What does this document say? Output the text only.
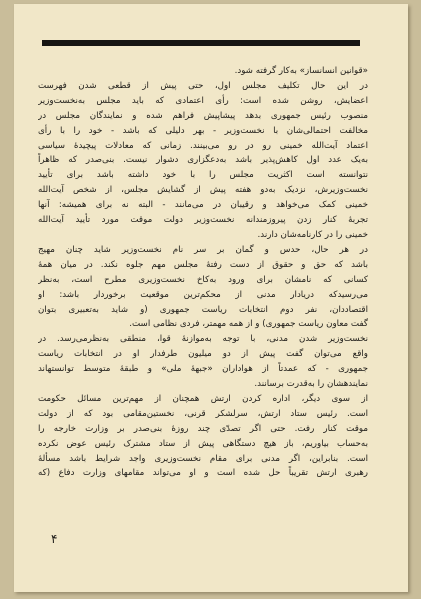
«قوانین انسانساز» به‌کار گرفته شود.

در این حال تکلیف مجلس اول، حتی پیش از قطعی شدن فهرست
اعضایش، روشن شده است: رأی اعتمادی که باید مجلس به‌نخست‌وزیر
منصوب رئیس جمهوری بدهد پیشاپیش فراهم شده و نمایندگان مجلس در
مخالفت احتمالی‌شان با نخست‌وزیر - بهر دلیلی که باشد - خود را با رأی
اعتماد آیت‌الله خمینی رو در رو می‌بینند. زمانی که معادلات پیچیدهٔ سیاسی
به‌یک عدد اول کاهش‌پذیر باشد به‌دعگزاری دشوار نیست. بنی‌صدر که ظاهراً
نتوانسته است اکثریت مجلس را با خود داشته باشد برای تأیید
نخست‌وزیرش، نزدیک به‌دو هفته پیش از گشایش مجلس، از شخص آیت‌الله
خمینی کمک می‌خواهد و رقیبان در می‌مانند - البته نه برای همیشه: آنها
تجربهٔ کنار زدن پیروزمندانه نخست‌وزیر دولت موقت مورد تأیید آیت‌الله
خمینی را در کارنامه‌شان دارند.

در هر حال، حدس و گمان بر سر نام نخست‌وزیر شاید چنان مهیج
باشد که حق و حقوق از دست رفتهٔ مجلس مهم جلوه نکند. در میان همهٔ
کسانی که نامشان برای ورود به‌کاخ نخست‌وزیری مطرح است، به‌نظر
می‌رسیدکه دریادار مدنی از محکم‌ترین موقعیت برخوردار باشد: او
اقتصاددان، نفر دوم انتخابات ریاست جمهوری (و شاید به‌تعبیری بتوان
گفت معاون ریاست جمهوری) و از همه مهمتر، فردی نظامی است.

نخست‌وزیر شدن مدنی، با توجه به‌موازنهٔ قوا، منطقی به‌نظرمی‌رسد. در
واقع می‌توان گفت پیش از دو میلیون طرفدار او در انتخابات ریاست
جمهوری - که عمدتاً از هواداران «جبههٔ ملی» و طبقهٔ متوسط توانستهاند
نمایندهشان را به‌قدرت برسانند.

از سوی دیگر، اداره کردن ارتش همچنان از مهم‌ترین مسائل حکومت
است. رئیس ستاد ارتش، سرلشکر قرنی، نخستین‌مقامی بود که از دولت
موقت کنار رفت. حتی اگر تصدّی چند روزهٔ بنی‌صدر بر وزارت خارجه را
به‌حساب بیاوریم، باز هیچ دستگاهی پیش از ستاد مشترک رئیس عوض نکرده
است. بنابراین، اگر مدنی برای مقام نخست‌وزیری واجد شرایط باشد مسألهٔ
رهبری ارتش تقریباً حل شده است و او می‌تواند مقامهای وزارت دفاع (که

۴
